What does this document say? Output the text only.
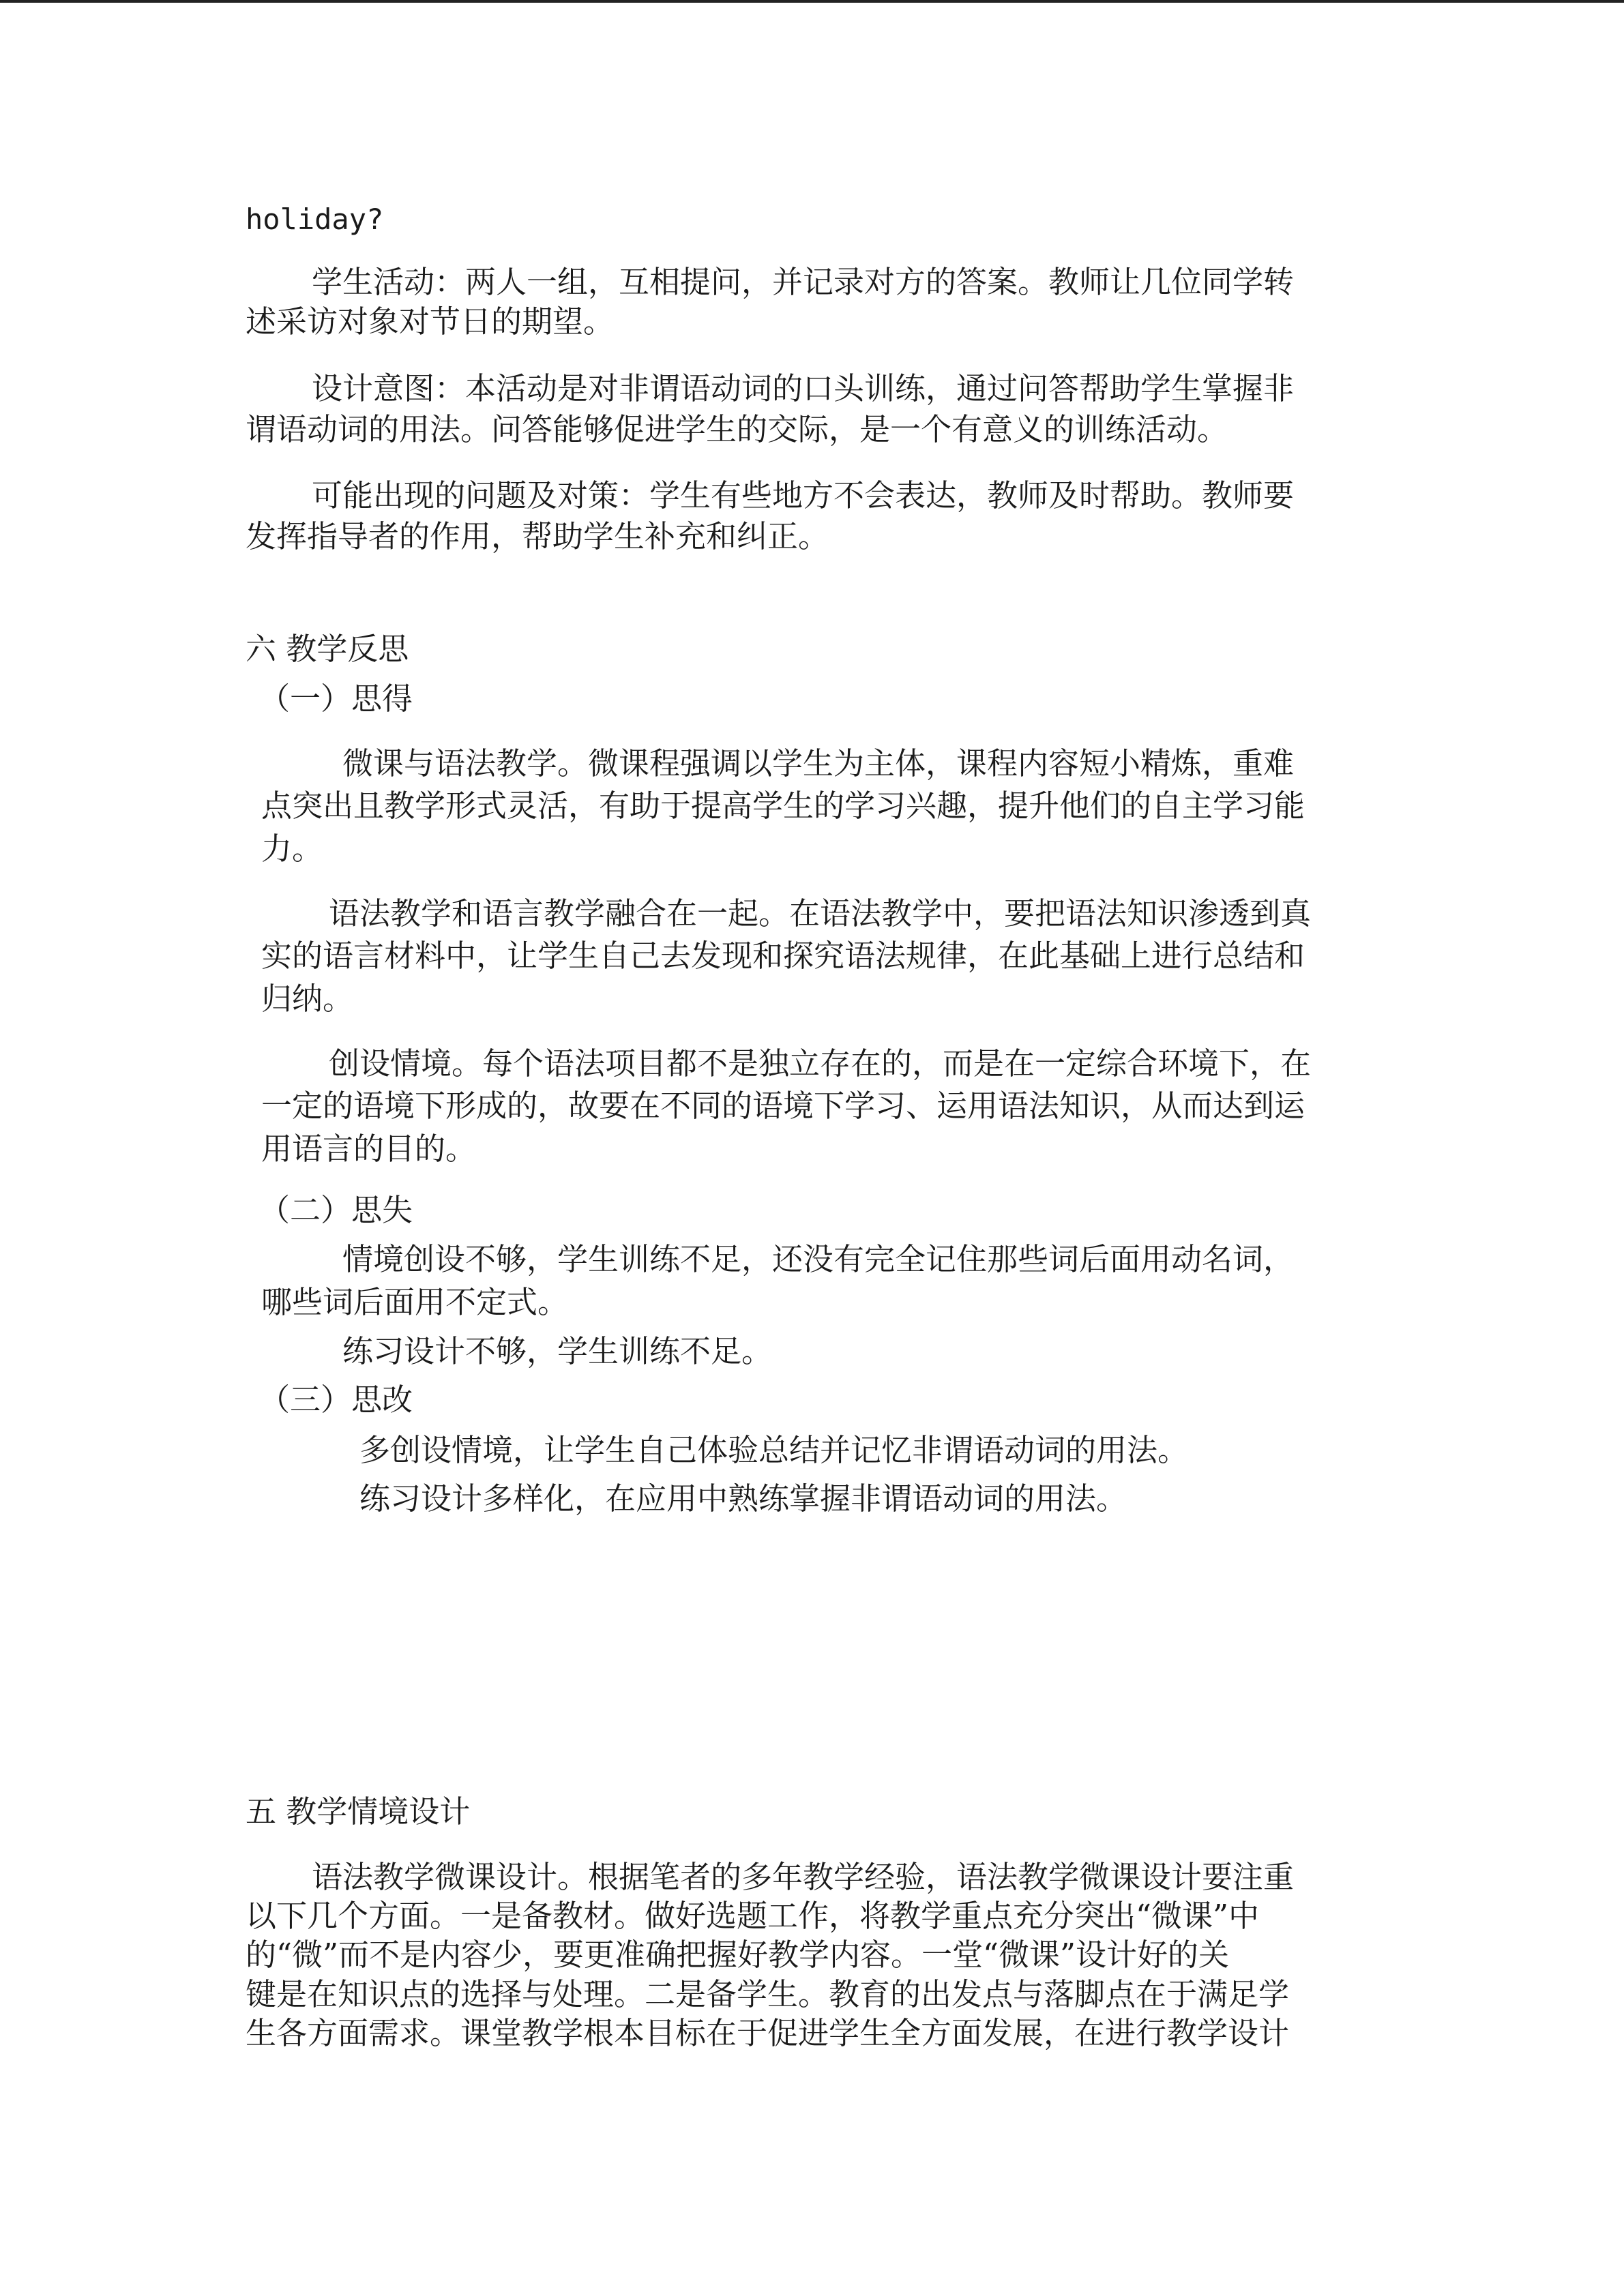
holiday?
学生活动：两人一组，互相提问，并记录对方的答案。教师让几位同学转
述采访对象对节日的期望。
设计意图：本活动是对非谓语动词的口头训练，通过问答帮助学生掌握非
谓语动词的用法。问答能够促进学生的交际，是一个有意义的训练活动。
可能出现的问题及对策：学生有些地方不会表达，教师及时帮助。教师要
发挥指导者的作用，帮助学生补充和纠正。
六 教学反思
（一）思得
微课与语法教学。微课程强调以学生为主体，课程内容短小精炼，重难
点突出且教学形式灵活，有助于提高学生的学习兴趣，提升他们的自主学习能
力。
语法教学和语言教学融合在一起。在语法教学中，要把语法知识渗透到真
实的语言材料中，让学生自己去发现和探究语法规律，在此基础上进行总结和
归纳。
创设情境。每个语法项目都不是独立存在的，而是在一定综合环境下，在
一定的语境下形成的，故要在不同的语境下学习、运用语法知识，从而达到运
用语言的目的。
（二）思失
情境创设不够，学生训练不足，还没有完全记住那些词后面用动名词，
哪些词后面用不定式。
练习设计不够，学生训练不足。
（三）思改
多创设情境，让学生自己体验总结并记忆非谓语动词的用法。
练习设计多样化，在应用中熟练掌握非谓语动词的用法。
五 教学情境设计
语法教学微课设计。根据笔者的多年教学经验，语法教学微课设计要注重
以下几个方面。一是备教材。做好选题工作，将教学重点充分突出“微课”中
的“微”而不是内容少，要更准确把握好教学内容。一堂“微课”设计好的关
键是在知识点的选择与处理。二是备学生。教育的出发点与落脚点在于满足学
生各方面需求。课堂教学根本目标在于促进学生全方面发展，在进行教学设计
